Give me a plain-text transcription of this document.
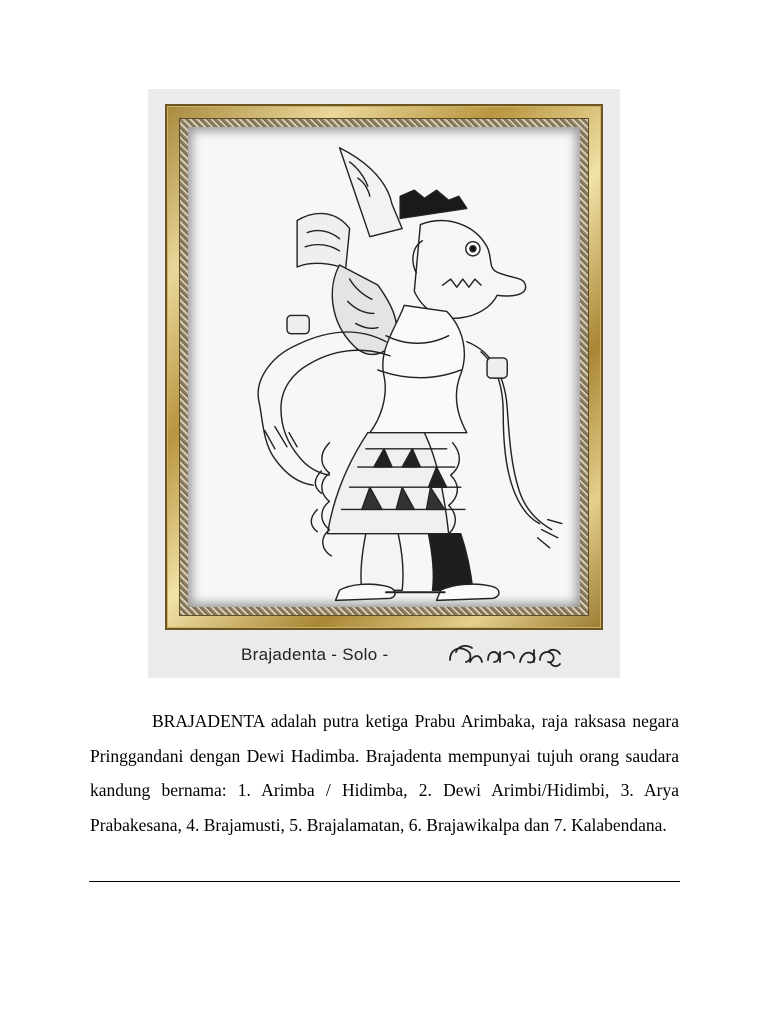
Brajadenta - Solo -

BRAJADENTA adalah putra ketiga Prabu Arimbaka, raja raksasa negara Pringgandani dengan Dewi Hadimba. Brajadenta mempunyai tujuh orang saudara kandung bernama: 1. Arimba / Hidimba, 2. Dewi Arimbi/Hidimbi, 3. Arya Prabakesana, 4. Brajamusti, 5. Brajalamatan, 6. Brajawikalpa dan 7. Kalabendana.
